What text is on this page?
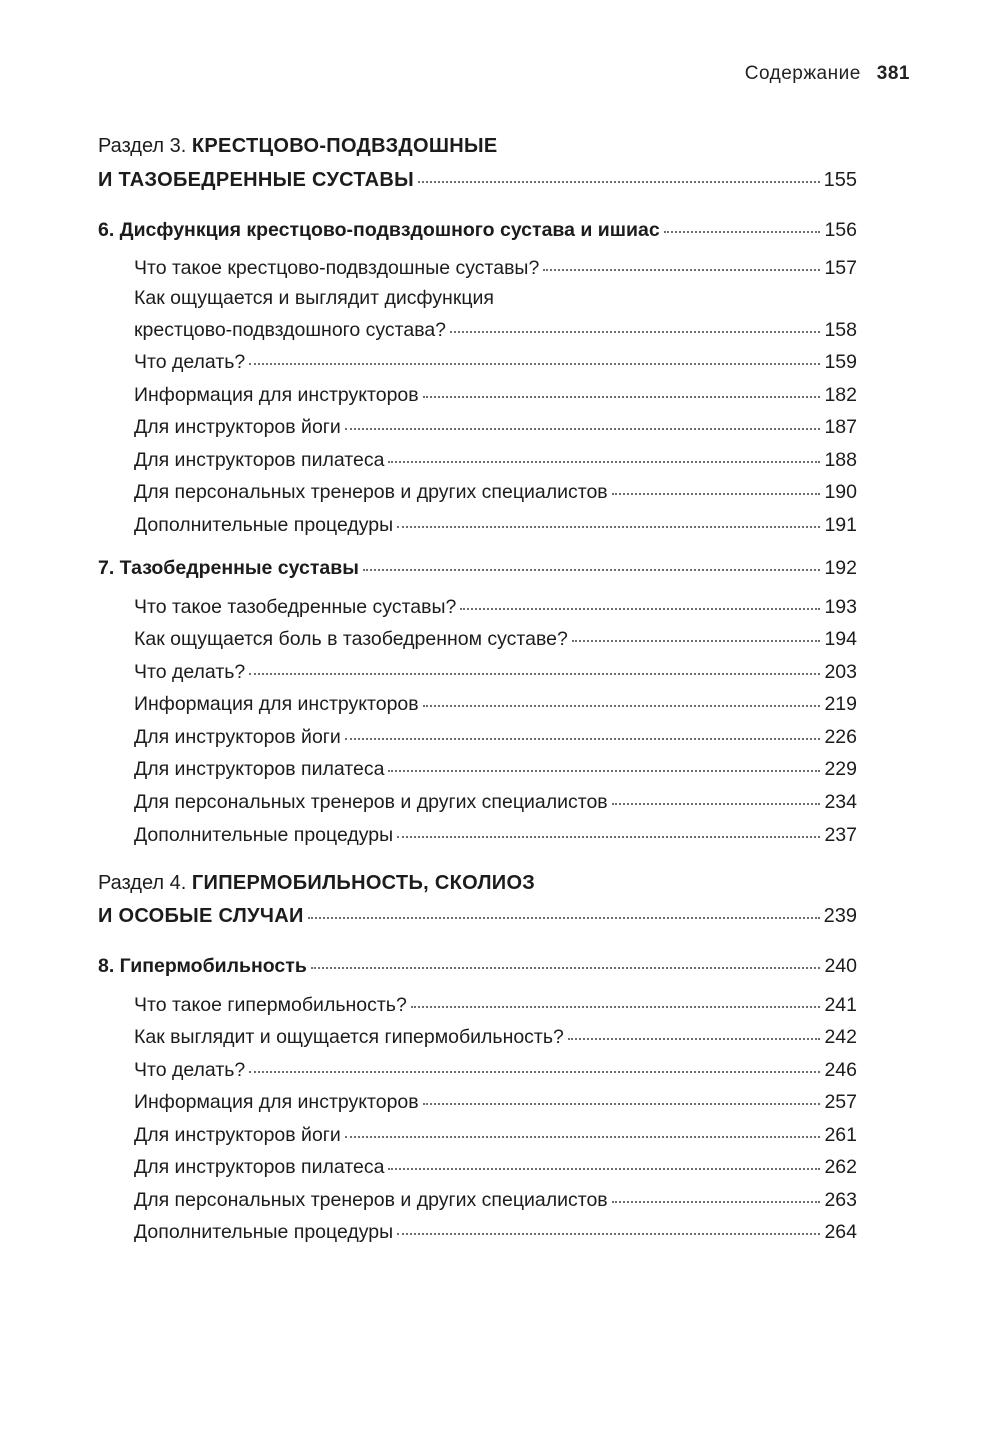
Содержание 381
Раздел 3. КРЕСТЦОВО-ПОДВЗДОШНЫЕ
И ТАЗОБЕДРЕННЫЕ СУСТАВЫ	155
6. Дисфункция крестцово-подвздошного сустава и ишиас	156
Что такое крестцово-подвздошные суставы?	157
Как ощущается и выглядит дисфункция
крестцово-подвздошного сустава?	158
Что делать?	159
Информация для инструкторов	182
Для инструкторов йоги	187
Для инструкторов пилатеса	188
Для персональных тренеров и других специалистов	190
Дополнительные процедуры	191
7. Тазобедренные суставы	192
Что такое тазобедренные суставы?	193
Как ощущается боль в тазобедренном суставе?	194
Что делать?	203
Информация для инструкторов	219
Для инструкторов йоги	226
Для инструкторов пилатеса	229
Для персональных тренеров и других специалистов	234
Дополнительные процедуры	237
Раздел 4. ГИПЕРМОБИЛЬНОСТЬ, СКОЛИОЗ
И ОСОБЫЕ СЛУЧАИ	239
8. Гипермобильность	240
Что такое гипермобильность?	241
Как выглядит и ощущается гипермобильность?	242
Что делать?	246
Информация для инструкторов	257
Для инструкторов йоги	261
Для инструкторов пилатеса	262
Для персональных тренеров и других специалистов	263
Дополнительные процедуры	264
